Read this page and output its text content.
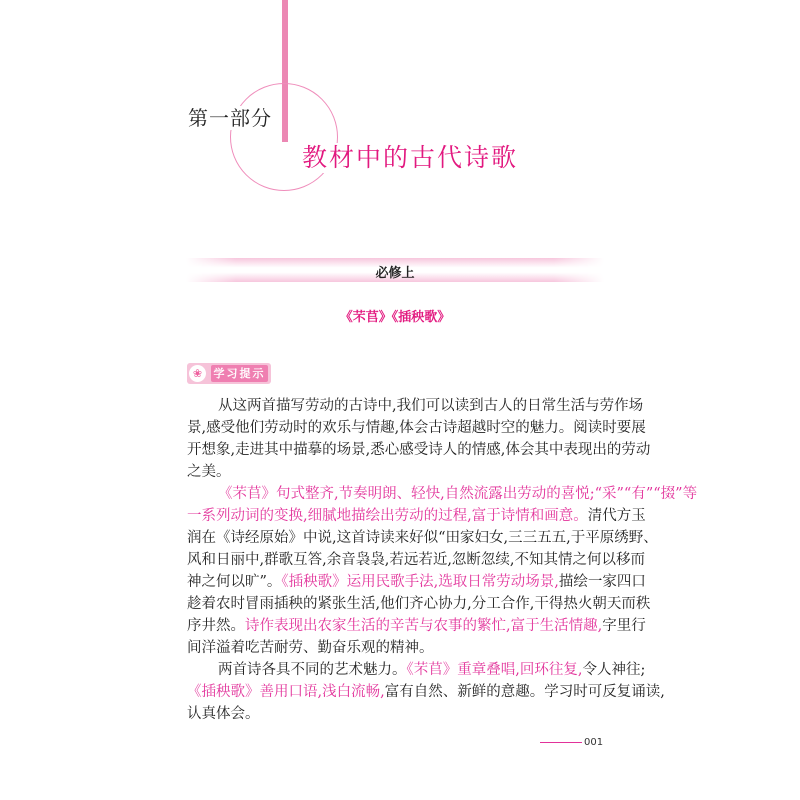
第一部分
教材中的古代诗歌
必修上
《芣苢》《插秧歌》
❀	学习提示
从这两首描写劳动的古诗中,我们可以读到古人的日常生活与劳作场
景,感受他们劳动时的欢乐与情趣,体会古诗超越时空的魅力。阅读时要展
开想象,走进其中描摹的场景,悉心感受诗人的情感,体会其中表现出的劳动
之美。
《芣苢》句式整齐,节奏明朗、轻快,自然流露出劳动的喜悦;“采”“有”“掇”等
一系列动词的变换,细腻地描绘出劳动的过程,富于诗情和画意。清代方玉
润在《诗经原始》中说,这首诗读来好似“田家妇女,三三五五,于平原绣野、
风和日丽中,群歌互答,余音袅袅,若远若近,忽断忽续,不知其情之何以移而
神之何以旷”。《插秧歌》运用民歌手法,选取日常劳动场景,描绘一家四口
趁着农时冒雨插秧的紧张生活,他们齐心协力,分工合作,干得热火朝天而秩
序井然。诗作表现出农家生活的辛苦与农事的繁忙,富于生活情趣,字里行
间洋溢着吃苦耐劳、勤奋乐观的精神。
两首诗各具不同的艺术魅力。《芣苢》重章叠唱,回环往复,令人神往;
《插秧歌》善用口语,浅白流畅,富有自然、新鲜的意趣。学习时可反复诵读,
认真体会。
001
